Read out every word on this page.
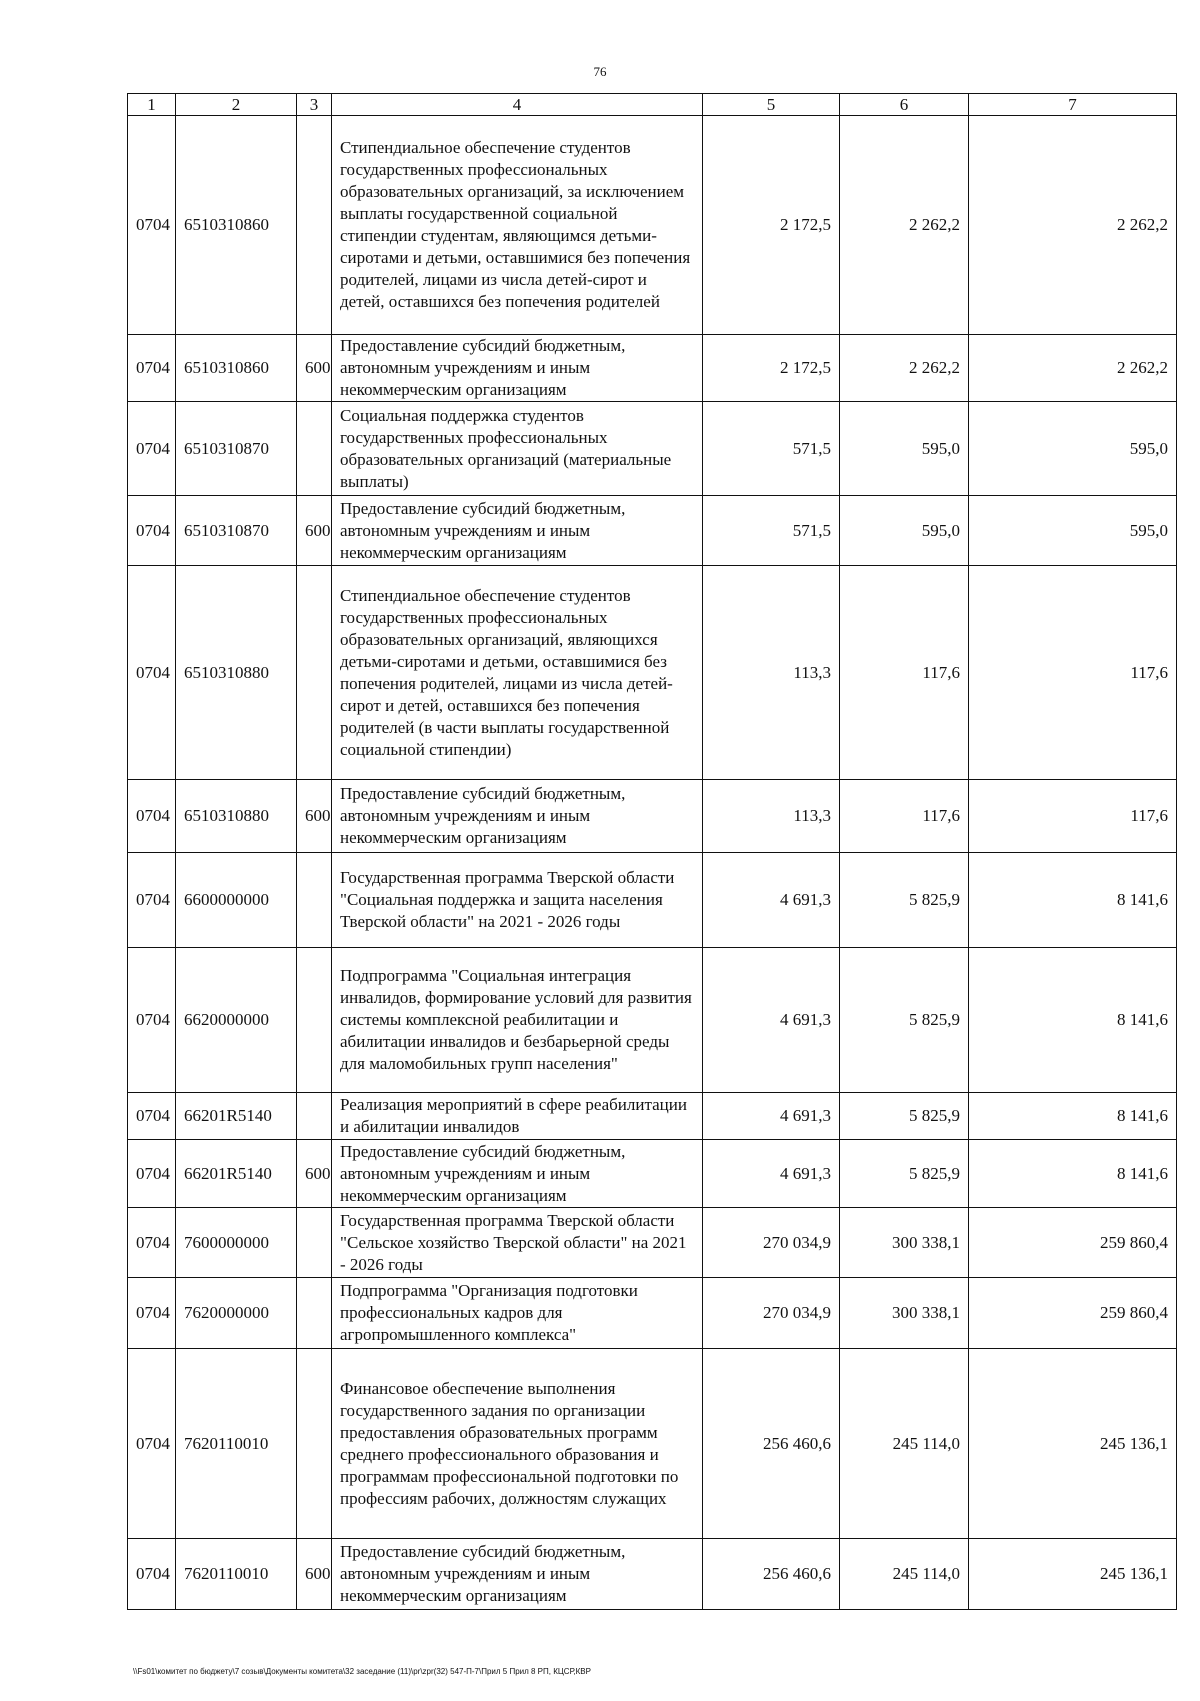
76
1	2	3	4	5	6	7
0704	6510310860		Стипендиальное обеспечение студентов государственных профессиональных образовательных организаций, за исключением выплаты государственной социальной стипендии студентам, являющимся детьми-сиротами и детьми, оставшимися без попечения родителей, лицами из числа детей-сирот и детей, оставшихся без попечения родителей	2 172,5	2 262,2	2 262,2
0704	6510310860	600	Предоставление субсидий бюджетным, автономным учреждениям и иным некоммерческим организациям	2 172,5	2 262,2	2 262,2
0704	6510310870		Социальная поддержка студентов государственных профессиональных образовательных организаций (материальные выплаты)	571,5	595,0	595,0
0704	6510310870	600	Предоставление субсидий бюджетным, автономным учреждениям и иным некоммерческим организациям	571,5	595,0	595,0
0704	6510310880		Стипендиальное обеспечение студентов государственных профессиональных образовательных организаций, являющихся детьми-сиротами и детьми, оставшимися без попечения родителей, лицами из числа детей-сирот и детей, оставшихся без попечения родителей (в части выплаты государственной социальной стипендии)	113,3	117,6	117,6
0704	6510310880	600	Предоставление субсидий бюджетным, автономным учреждениям и иным некоммерческим организациям	113,3	117,6	117,6
0704	6600000000		Государственная программа Тверской области "Социальная поддержка и защита населения Тверской области" на 2021 - 2026 годы	4 691,3	5 825,9	8 141,6
0704	6620000000		Подпрограмма "Социальная интеграция инвалидов, формирование условий для развития системы комплексной реабилитации и абилитации инвалидов и безбарьерной среды для маломобильных групп населения"	4 691,3	5 825,9	8 141,6
0704	66201R5140		Реализация мероприятий в сфере реабилитации и абилитации инвалидов	4 691,3	5 825,9	8 141,6
0704	66201R5140	600	Предоставление субсидий бюджетным, автономным учреждениям и иным некоммерческим организациям	4 691,3	5 825,9	8 141,6
0704	7600000000		Государственная программа Тверской области "Сельское хозяйство Тверской области" на 2021 - 2026 годы	270 034,9	300 338,1	259 860,4
0704	7620000000		Подпрограмма "Организация подготовки профессиональных кадров для агропромышленного комплекса"	270 034,9	300 338,1	259 860,4
0704	7620110010		Финансовое обеспечение выполнения государственного задания по организации предоставления образовательных программ среднего профессионального образования и программам профессиональной подготовки по профессиям рабочих, должностям служащих	256 460,6	245 114,0	245 136,1
0704	7620110010	600	Предоставление субсидий бюджетным, автономным учреждениям и иным некоммерческим организациям	256 460,6	245 114,0	245 136,1
\\Fs01\комитет по бюджету\7 созыв\Документы комитета\32 заседание (11)\pr\zpr(32) 547-П-7\Прил 5 Прил 8 РП, КЦСР,КВР
